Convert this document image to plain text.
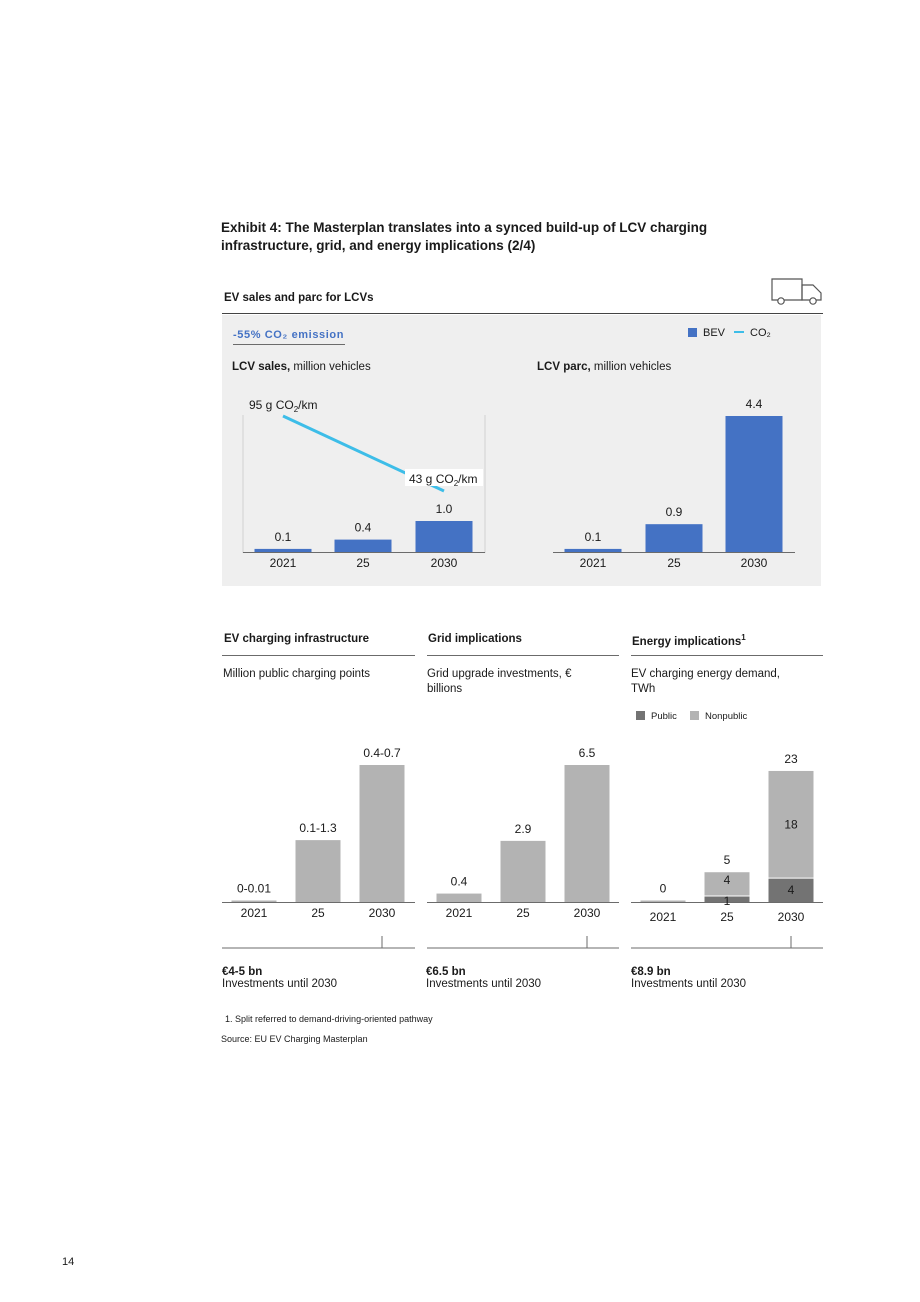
Exhibit 4: The Masterplan translates into a synced build-up of LCV charging infrastructure, grid, and energy implications (2/4)
EV sales and parc for LCVs
-55% CO₂ emission	BEV	CO₂
LCV sales, million vehicles	LCV parc, million vehicles
0.1
2021
0.4
25
1.0
2030
95 g $CO_2/km$
43 g $CO_2/km$
0.1
2021
0.9
25
4.4
2030
EV charging infrastructure	Grid implications	Energy implications$^1$
Million public charging points	Grid upgrade investments, € billions
EV charging energy demand, TWh
Public	Nonpublic
0-0.01
2021
0.1-1.3
25
0.4-0.7
2030
0.4
2021
2.9
25
6.5
2030
0
2021
1
4
5
25
4
18
23
2030
€4-5 bn
Investments until 2030
€6.5 bn
Investments until 2030
€8.9 bn
Investments until 2030
1. Split referred to demand-driving-oriented pathway
Source: EU EV Charging Masterplan
14
